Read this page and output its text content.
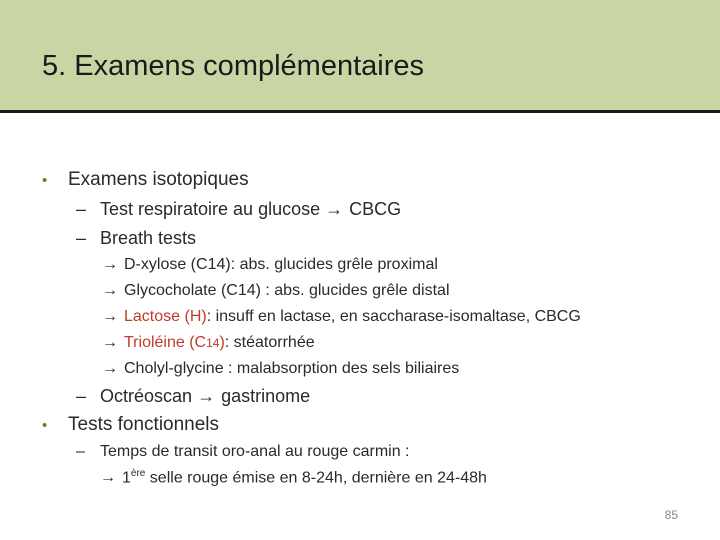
5. Examens complémentaires
• Examens isotopiques
– Test respiratoire au glucose → CBCG
– Breath tests
→ D-xylose (C14): abs. glucides grêle proximal
→ Glycocholate (C14) : abs. glucides grêle distal
→ Lactose (H): insuff en lactase, en saccharase-isomaltase, CBCG
→ Trioléine (C14): stéatorrhée
→ Cholyl-glycine : malabsorption des sels biliaires
– Octréoscan → gastrinome
• Tests fonctionnels
– Temps de transit oro-anal au rouge carmin :
→ 1ère selle rouge émise en 8-24h, dernière en 24-48h
85
